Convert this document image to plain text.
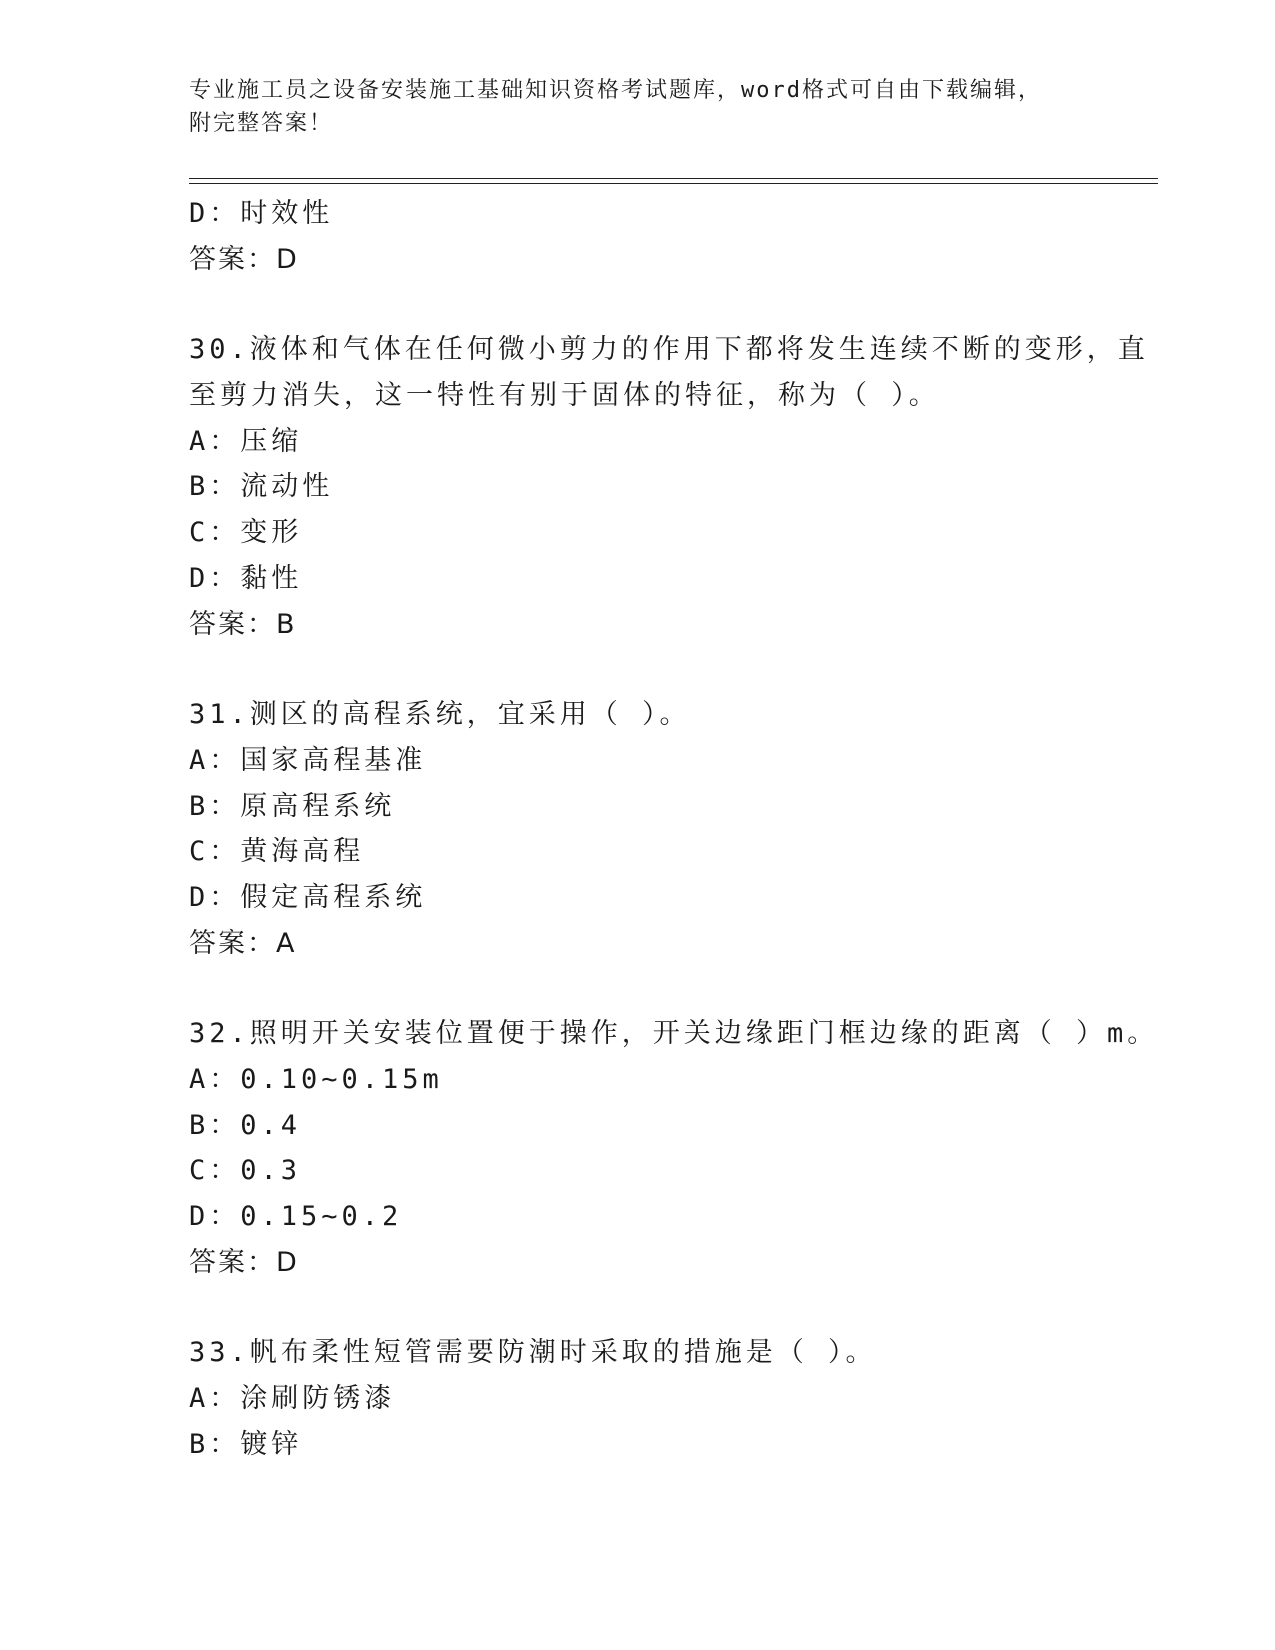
专业施工员之设备安装施工基础知识资格考试题库，word格式可自由下载编辑，
附完整答案！
D：时效性
答案：D
30.液体和气体在任何微小剪力的作用下都将发生连续不断的变形，直
至剪力消失，这一特性有别于固体的特征，称为（ ）。
A：压缩
B：流动性
C：变形
D：黏性
答案：B
31.测区的高程系统，宜采用（ ）。
A：国家高程基准
B：原高程系统
C：黄海高程
D：假定高程系统
答案：A
32.照明开关安装位置便于操作，开关边缘距门框边缘的距离（ ）m。
A：0.10~0.15m
B：0.4
C：0.3
D：0.15~0.2
答案：D
33.帆布柔性短管需要防潮时采取的措施是（ ）。
A：涂刷防锈漆
B：镀锌
